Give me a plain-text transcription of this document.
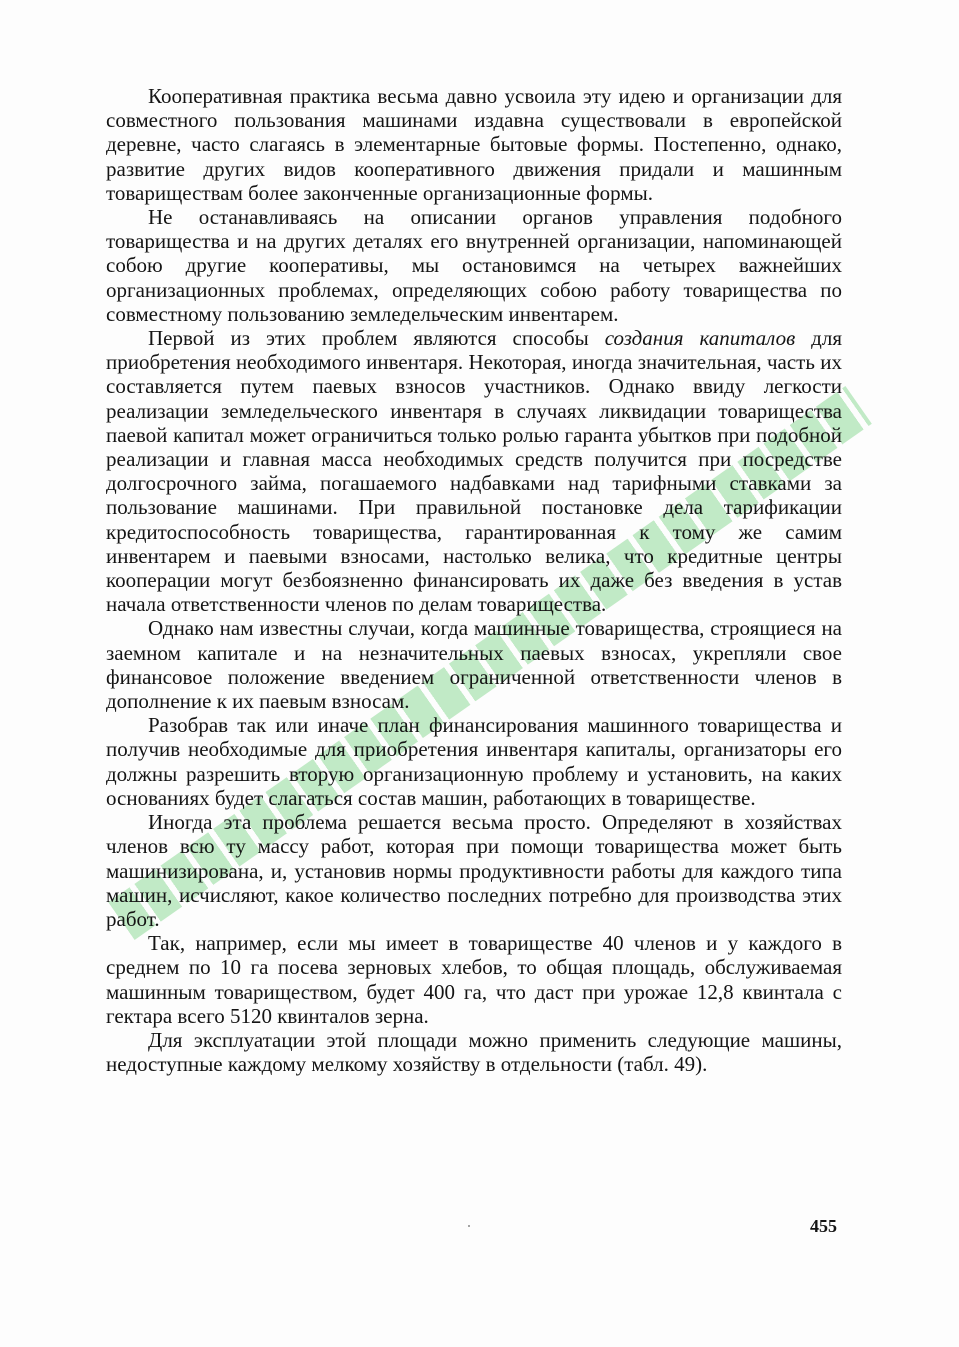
Кооперативная практика весьма давно усвоила эту идею и организации для совместного пользования машинами издавна существовали в европейской деревне, часто слагаясь в элементарные бытовые формы. Постепенно, однако, развитие других видов кооперативного движения придали и машинным товариществам более законченные организационные формы.

Не останавливаясь на описании органов управления подобного товарищества и на других деталях его внутренней организации, напоминающей собою другие кооперативы, мы остановимся на четырех важнейших организационных проблемах, определяющих собою работу товарищества по совместному пользованию земледельческим инвентарем.

Первой из этих проблем являются способы создания капиталов для приобретения необходимого инвентаря. Некоторая, иногда значительная, часть их составляется путем паевых взносов участников. Однако ввиду легкости реализации земледельческого инвентаря в случаях ликвидации товарищества паевой капитал может ограничиться только ролью гаранта убытков при подобной реализации и главная масса необходимых средств получится при посредстве долгосрочного займа, погашаемого надбавками над тарифными ставками за пользование машинами. При правильной постановке дела тарификации кредитоспособность товарищества, гарантированная к тому же самим инвентарем и паевыми взносами, настолько велика, что кредитные центры кооперации могут безбоязненно финансировать их даже без введения в устав начала ответственности членов по делам товарищества.

Однако нам известны случаи, когда машинные товарищества, строящиеся на заемном капитале и на незначительных паевых взносах, укрепляли свое финансовое положение введением ограниченной ответственности членов в дополнение к их паевым взносам.

Разобрав так или иначе план финансирования машинного товарищества и получив необходимые для приобретения инвентаря капиталы, организаторы его должны разрешить вторую организационную проблему и установить, на каких основаниях будет слагаться состав машин, работающих в товариществе.

Иногда эта проблема решается весьма просто. Определяют в хозяйствах членов всю ту массу работ, которая при помощи товарищества может быть машинизирована, и, установив нормы продуктивности работы для каждого типа машин, исчисляют, какое количество последних потребно для производства этих работ.

Так, например, если мы имеет в товариществе 40 членов и у каждого в среднем по 10 га посева зерновых хлебов, то общая площадь, обслуживаемая машинным товариществом, будет 400 га, что даст при урожае 12,8 квинтала с гектара всего 5120 квинталов зерна.

Для эксплуатации этой площади можно применить следующие машины, недоступные каждому мелкому хозяйству в отдельности (табл. 49).

455
